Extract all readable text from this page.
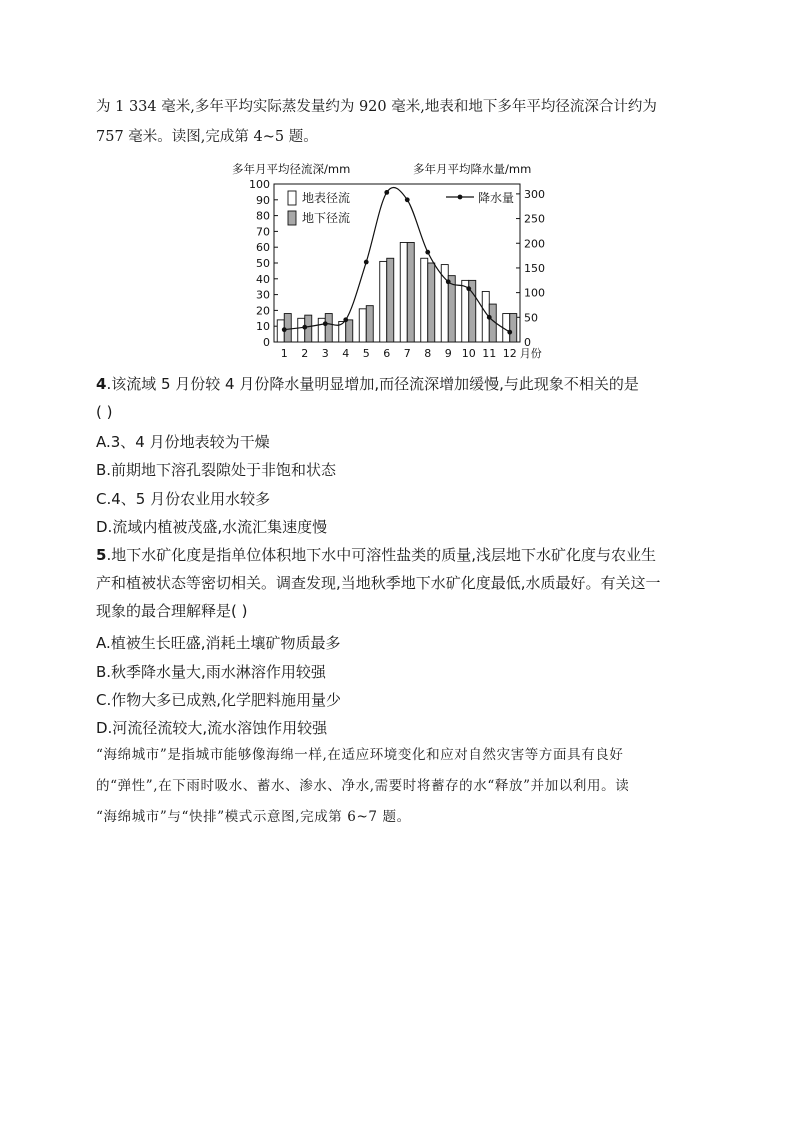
为 1 334 毫米,多年平均实际蒸发量约为 920 毫米,地表和地下多年平均径流深合计约为

757 毫米。读图,完成第 4~5 题。

多年月平均径流深/mm	多年月平均降水量/mm
0
10
20
30
40
50
60
70
80
90
100
0
50
100
150
200
250
300
1 2 3 4 5 6 7 8 9 10 11 12 月份
地表径流
地下径流
降水量

4.该流域 5 月份较 4 月份降水量明显增加,而径流深增加缓慢,与此现象不相关的是

( )

A.3、4 月份地表较为干燥
B.前期地下溶孔裂隙处于非饱和状态
C.4、5 月份农业用水较多
D.流域内植被茂盛,水流汇集速度慢

5.地下水矿化度是指单位体积地下水中可溶性盐类的质量,浅层地下水矿化度与农业生

产和植被状态等密切相关。调查发现,当地秋季地下水矿化度最低,水质最好。有关这一

现象的最合理解释是( )

A.植被生长旺盛,消耗土壤矿物质最多
B.秋季降水量大,雨水淋溶作用较强
C.作物大多已成熟,化学肥料施用量少
D.河流径流较大,流水溶蚀作用较强

“海绵城市”是指城市能够像海绵一样,在适应环境变化和应对自然灾害等方面具有良好

的“弹性”,在下雨时吸水、蓄水、渗水、净水,需要时将蓄存的水“释放”并加以利用。读

“海绵城市”与“快排”模式示意图,完成第 6~7 题。
